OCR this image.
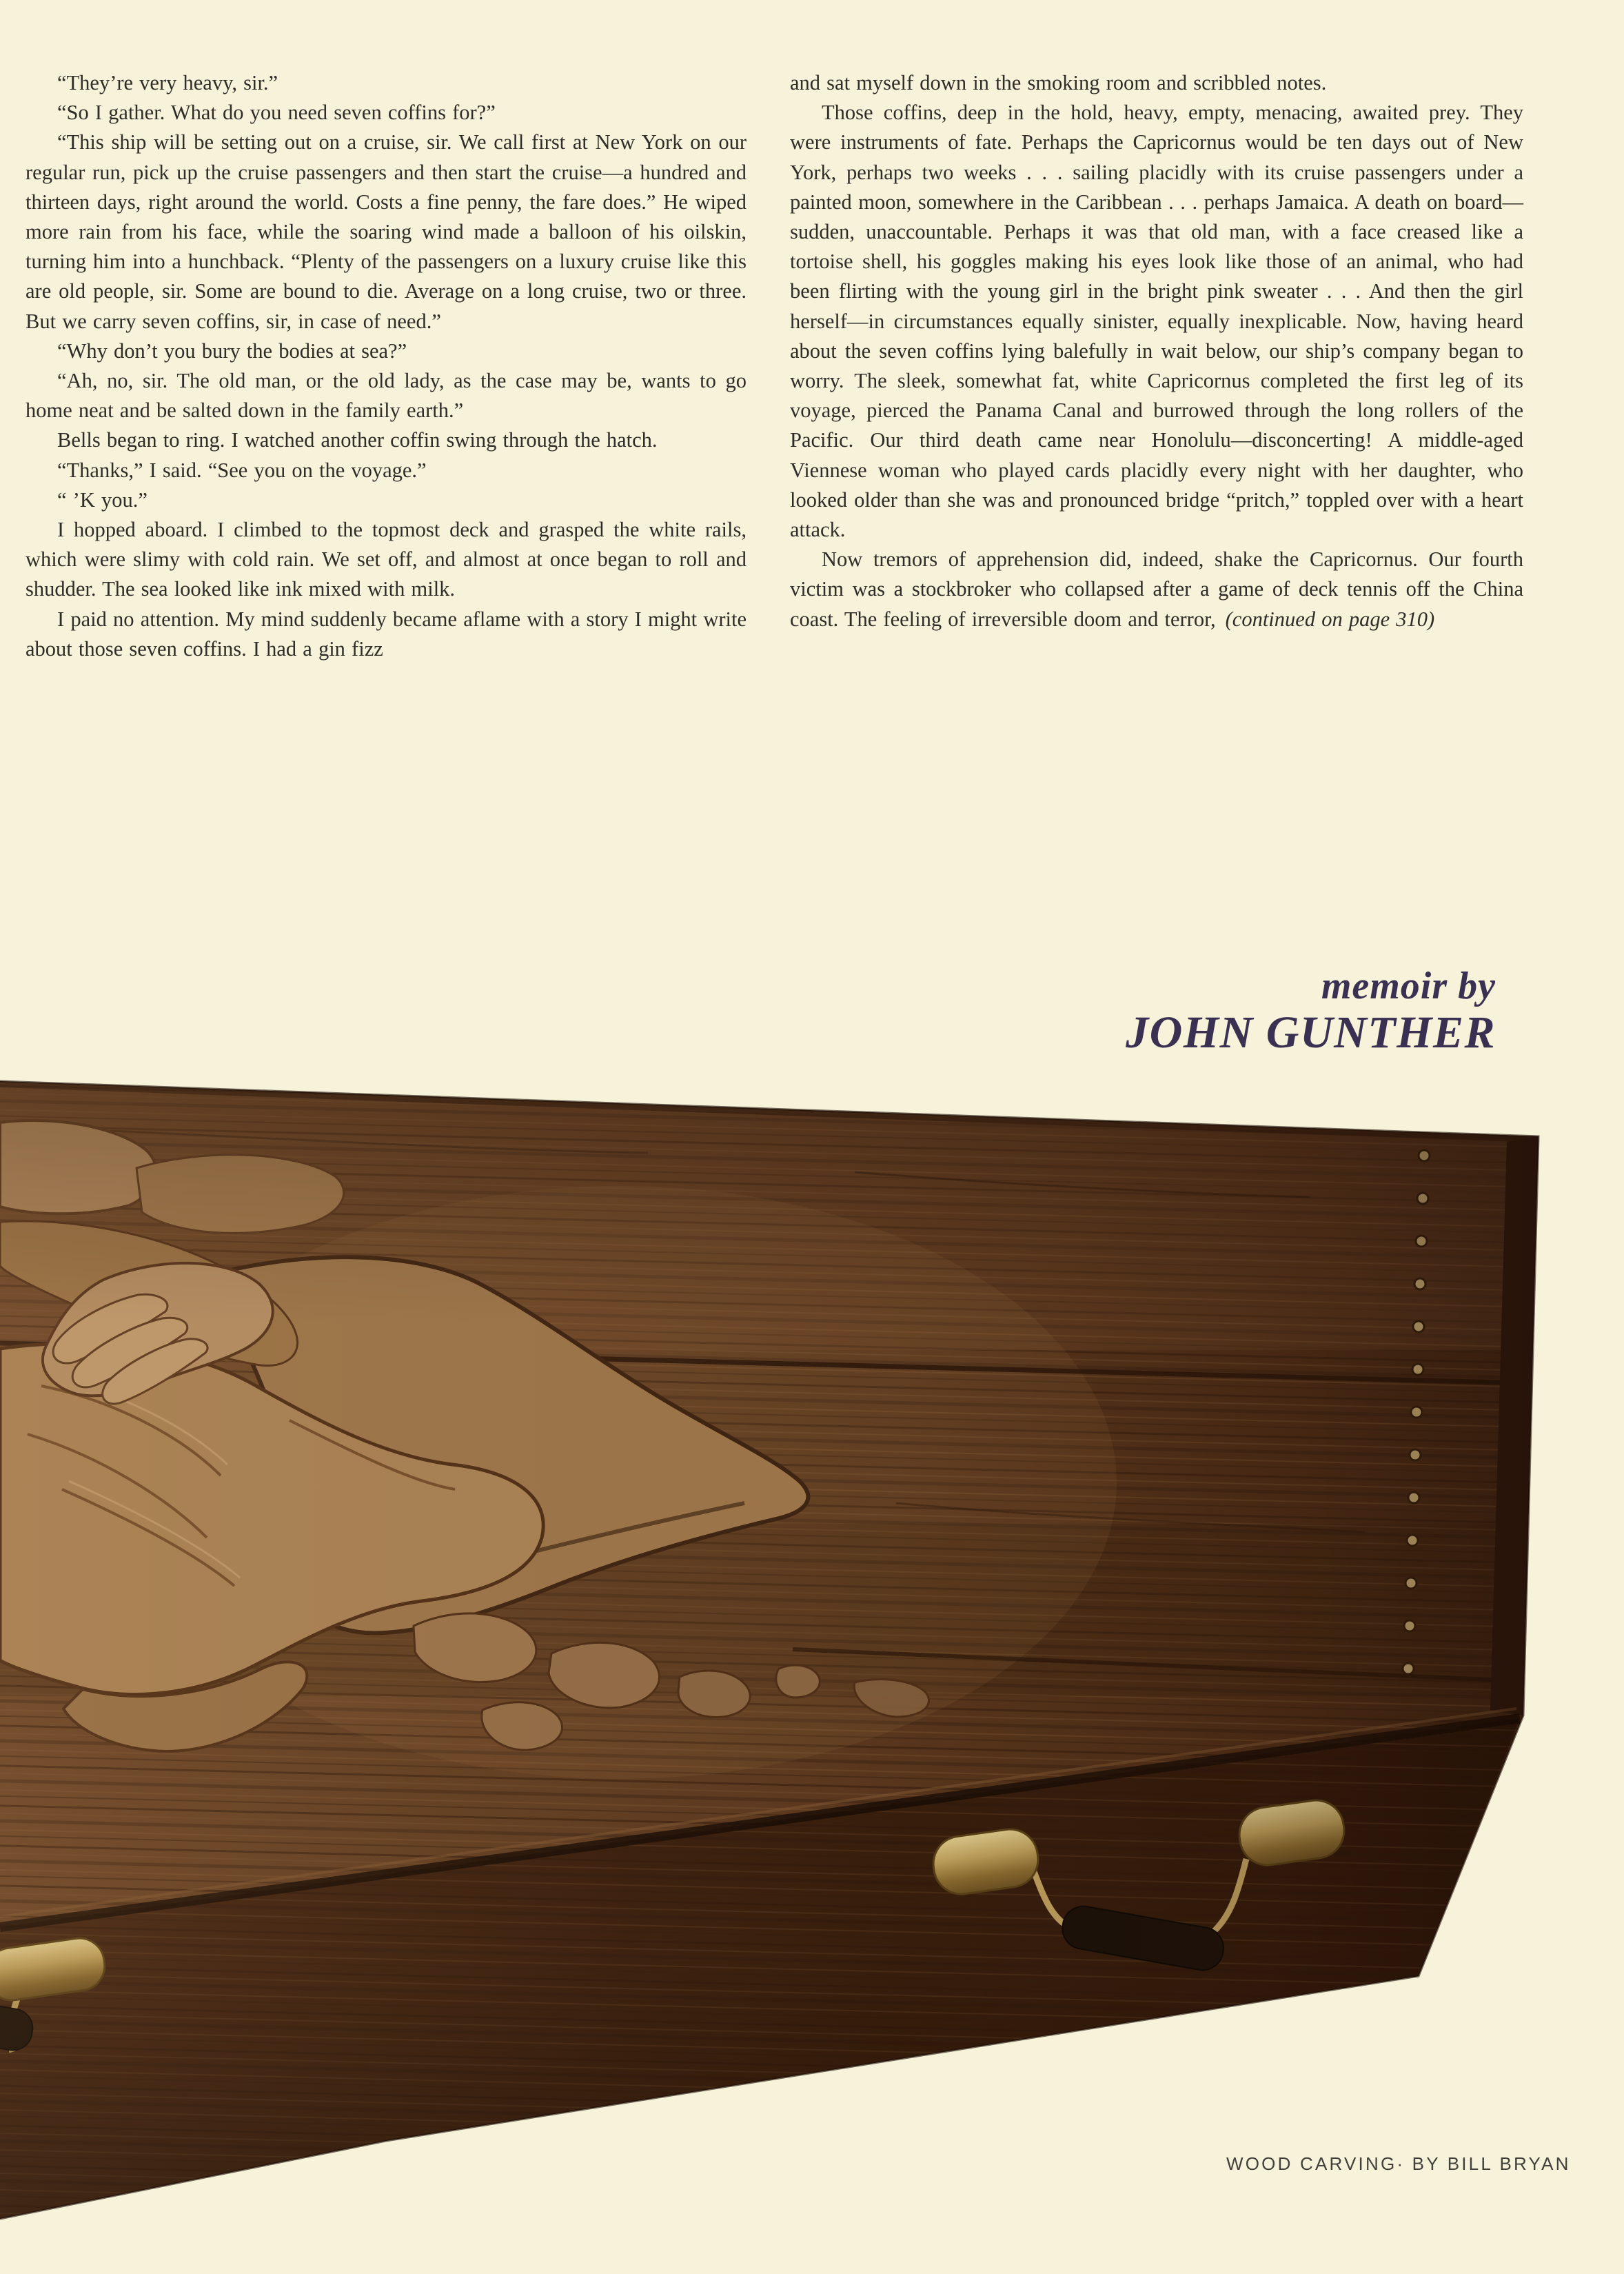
“They’re very heavy, sir.”

“So I gather. What do you need seven coffins for?”

“This ship will be setting out on a cruise, sir. We call first at New York on our regular run, pick up the cruise passengers and then start the cruise—a hundred and thirteen days, right around the world. Costs a fine penny, the fare does.” He wiped more rain from his face, while the soaring wind made a balloon of his oilskin, turning him into a hunchback. “Plenty of the passengers on a luxury cruise like this are old people, sir. Some are bound to die. Average on a long cruise, two or three. But we carry seven coffins, sir, in case of need.”

“Why don’t you bury the bodies at sea?”

“Ah, no, sir. The old man, or the old lady, as the case may be, wants to go home neat and be salted down in the family earth.”

Bells began to ring. I watched another coffin swing through the hatch.

“Thanks,” I said. “See you on the voyage.”

“ ’K you.”

I hopped aboard. I climbed to the topmost deck and grasped the white rails, which were slimy with cold rain. We set off, and almost at once began to roll and shudder. The sea looked like ink mixed with milk.

I paid no attention. My mind suddenly became aflame with a story I might write about those seven coffins. I had a gin fizz

and sat myself down in the smoking room and scribbled notes.

Those coffins, deep in the hold, heavy, empty, menacing, awaited prey. They were instruments of fate. Perhaps the Capricornus would be ten days out of New York, perhaps two weeks . . . sailing placidly with its cruise passengers under a painted moon, somewhere in the Caribbean . . . perhaps Jamaica. A death on board—sudden, unaccountable. Perhaps it was that old man, with a face creased like a tortoise shell, his goggles making his eyes look like those of an animal, who had been flirting with the young girl in the bright pink sweater . . . And then the girl herself—in circumstances equally sinister, equally inexplicable. Now, having heard about the seven coffins lying balefully in wait below, our ship’s company began to worry. The sleek, somewhat fat, white Capricornus completed the first leg of its voyage, pierced the Panama Canal and burrowed through the long rollers of the Pacific. Our third death came near Honolulu—disconcerting! A middle-aged Viennese woman who played cards placidly every night with her daughter, who looked older than she was and pronounced bridge “pritch,” toppled over with a heart attack.

Now tremors of apprehension did, indeed, shake the Capricornus. Our fourth victim was a stockbroker who collapsed after a game of deck tennis off the China coast. The feeling of irreversible doom and terror, (continued on page 310)

memoir by
JOHN GUNTHER
WOOD CARVING· BY BILL BRYAN
